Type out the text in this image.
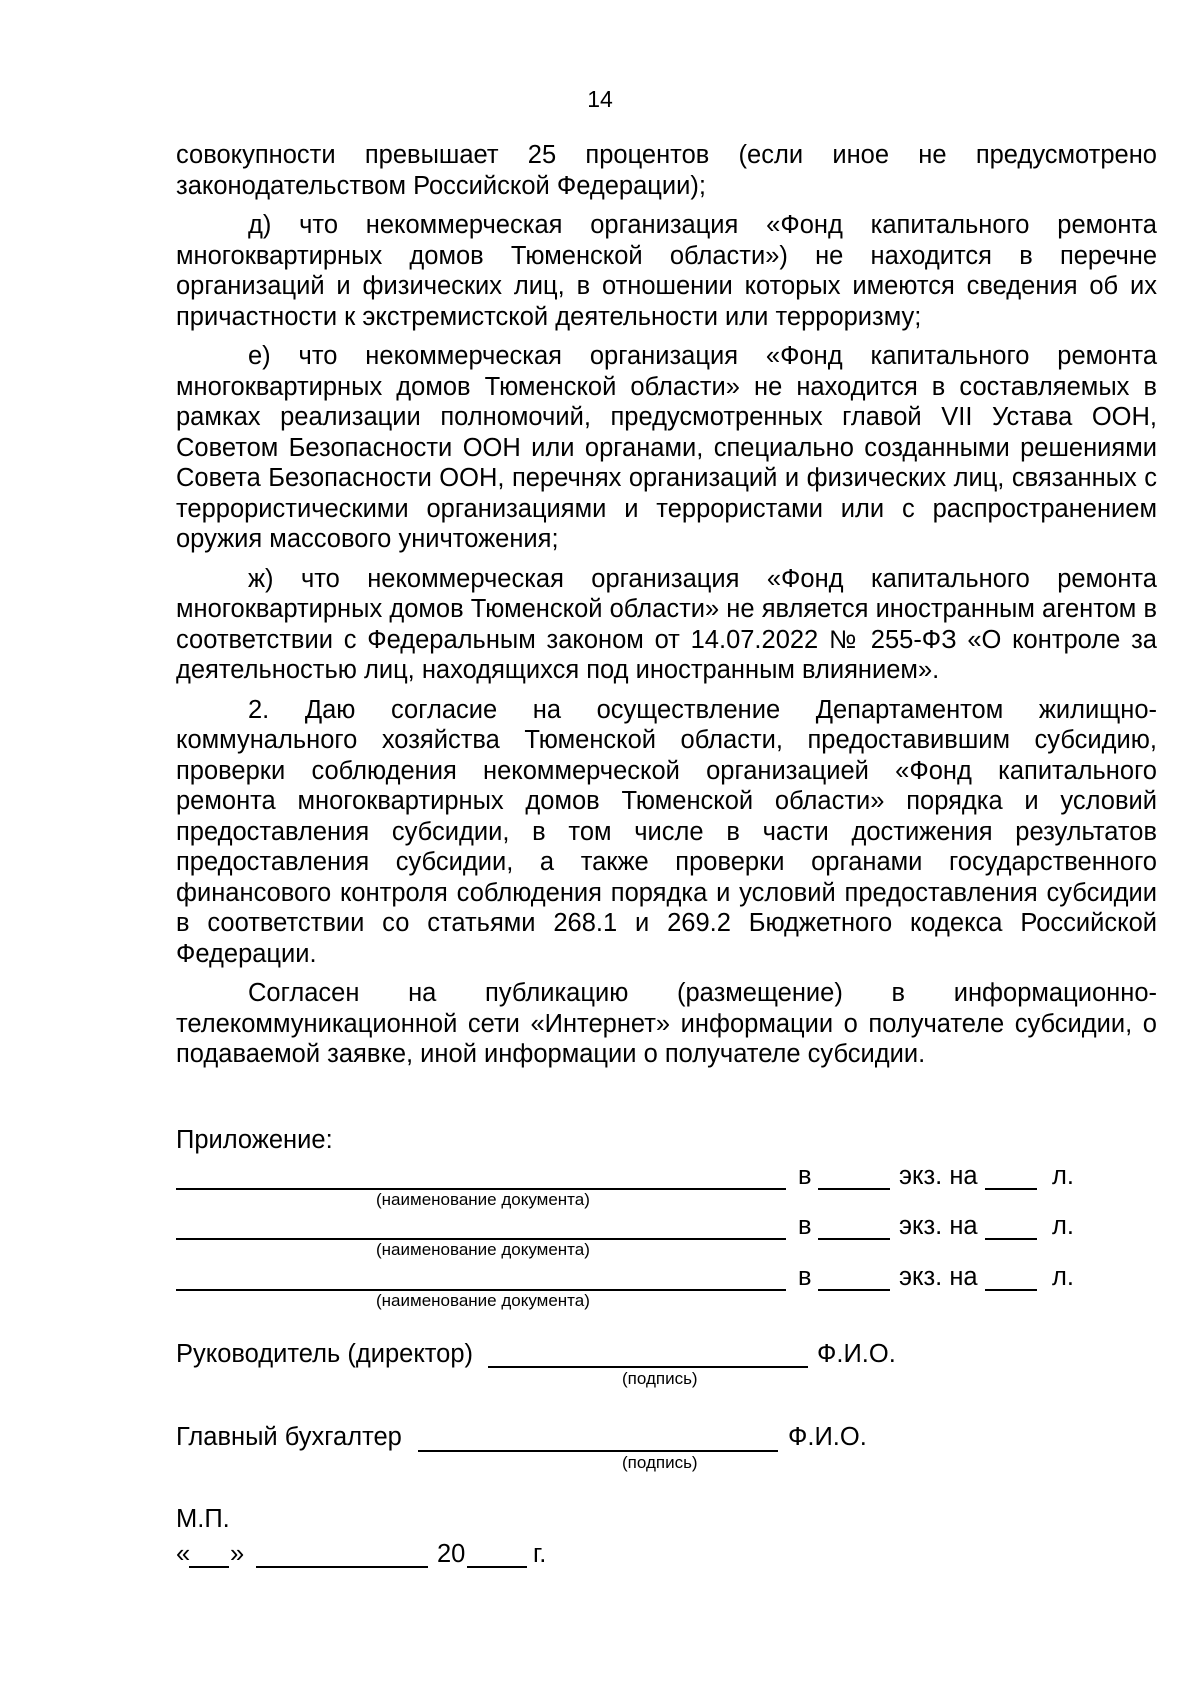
14

совокупности превышает 25 процентов (если иное не предусмотрено законодательством Российской Федерации);

д) что некоммерческая организация «Фонд капитального ремонта многоквартирных домов Тюменской области») не находится в перечне организаций и физических лиц, в отношении которых имеются сведения об их причастности к экстремистской деятельности или терроризму;

е) что некоммерческая организация «Фонд капитального ремонта многоквартирных домов Тюменской области» не находится в составляемых в рамках реализации полномочий, предусмотренных главой VII Устава ООН, Советом Безопасности ООН или органами, специально созданными решениями Совета Безопасности ООН, перечнях организаций и физических лиц, связанных с террористическими организациями и террористами или с распространением оружия массового уничтожения;

ж) что некоммерческая организация «Фонд капитального ремонта многоквартирных домов Тюменской области» не является иностранным агентом в соответствии с Федеральным законом от 14.07.2022 № 255-ФЗ «О контроле за деятельностью лиц, находящихся под иностранным влиянием».

2. Даю согласие на осуществление Департаментом жилищно-коммунального хозяйства Тюменской области, предоставившим субсидию, проверки соблюдения некоммерческой организацией «Фонд капитального ремонта многоквартирных домов Тюменской области» порядка и условий предоставления субсидии, в том числе в части достижения результатов предоставления субсидии, а также проверки органами государственного финансового контроля соблюдения порядка и условий предоставления субсидии в соответствии со статьями 268.1 и 269.2 Бюджетного кодекса Российской Федерации.

Согласен на публикацию (размещение) в информационно-телекоммуникационной сети «Интернет» информации о получателе субсидии, о подаваемой заявке, иной информации о получателе субсидии.

Приложение:
в	экз. на	л.
(наименование документа)
в	экз. на	л.
(наименование документа)
в	экз. на	л.
(наименование документа)
Руководитель (директор)	Ф.И.О.
(подпись)
Главный бухгалтер	Ф.И.О.
(подпись)
М.П.
« »	20	г.
